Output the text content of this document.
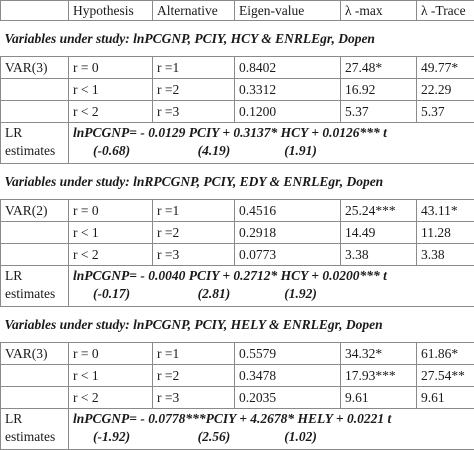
	Hypothesis	Alternative	Eigen-value	λ -max	λ -Trace
Variables under study: lnPCGNP, PCIY, HCY & ENRLEgr, Dopen					
VAR(3)	r = 0	r =1	0.8402	27.48*	49.77*
	r < 1	r =2	0.3312	16.92	22.29
	r < 2	r =3	0.1200	5.37	5.37
LR estimates	lnPCGNP= - 0.0129 PCIY + 0.3137* HCY + 0.0126*** t
(-0.68)                    (4.19)                (1.91)				

Variables under study: lnRPCGNP, PCIY, EDY & ENRLEgr, Dopen					
VAR(2)	r = 0	r =1	0.4516	25.24***	43.11*
	r < 1	r =2	0.2918	14.49	11.28
	r < 2	r =3	0.0773	3.38	3.38
LR estimates	lnPCGNP= - 0.0040 PCIY + 0.2712* HCY + 0.0200*** t
(-0.17)                    (2.81)                (1.92)				

Variables under study: lnPCGNP, PCIY, HELY & ENRLEgr, Dopen					
VAR(3)	r = 0	r =1	0.5579	34.32*	61.86*
	r < 1	r =2	0.3478	17.93***	27.54**
	r < 2	r =3	0.2035	9.61	9.61
LR estimates	lnPCGNP= - 0.0778***PCIY + 4.2678* HELY + 0.0221 t
(-1.92)                    (2.56)                (1.02)				
